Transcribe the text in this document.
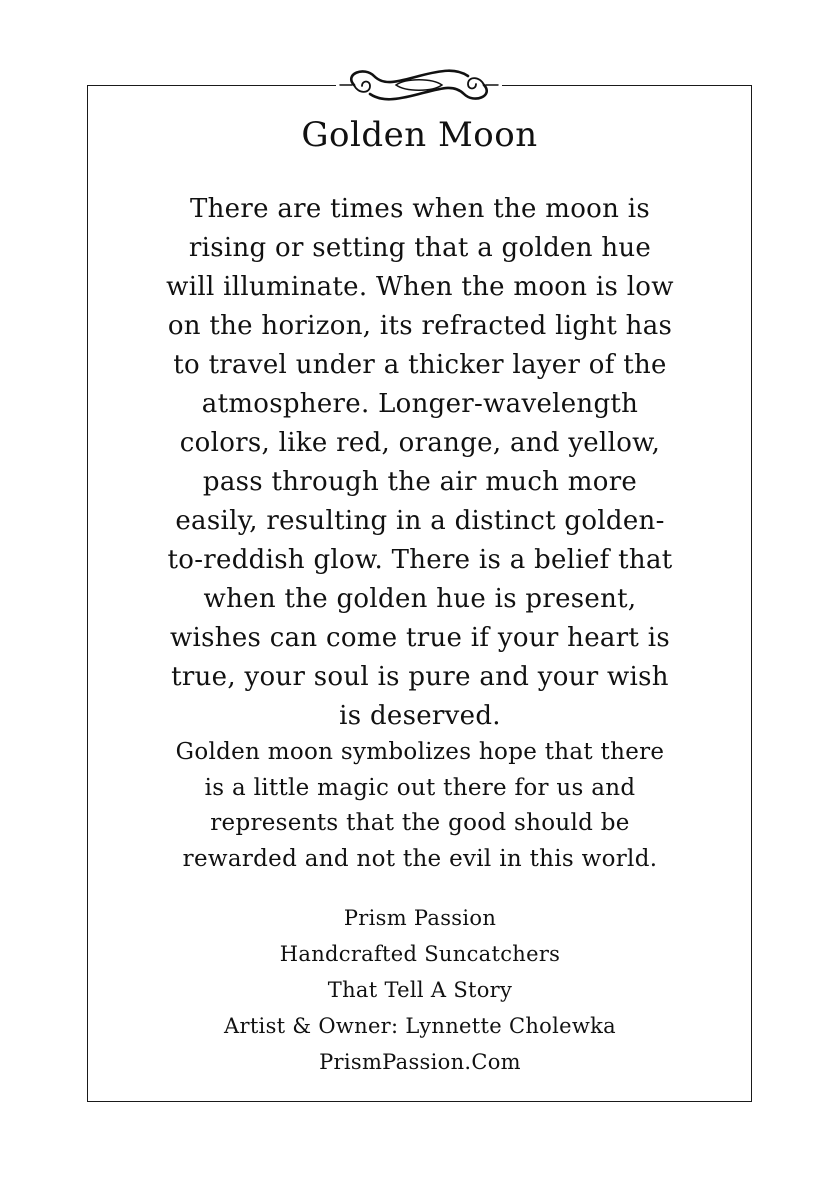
Golden Moon
There are times when the moon is
rising or setting that a golden hue
will illuminate. When the moon is low
on the horizon, its refracted light has
to travel under a thicker layer of the
atmosphere. Longer-wavelength
colors, like red, orange, and yellow,
pass through the air much more
easily, resulting in a distinct golden-
to-reddish glow. There is a belief that
when the golden hue is present,
wishes can come true if your heart is
true, your soul is pure and your wish
is deserved.
Golden moon symbolizes hope that there
is a little magic out there for us and
represents that the good should be
rewarded and not the evil in this world.
Prism Passion
Handcrafted Suncatchers
That Tell A Story
Artist & Owner: Lynnette Cholewka
PrismPassion.Com
